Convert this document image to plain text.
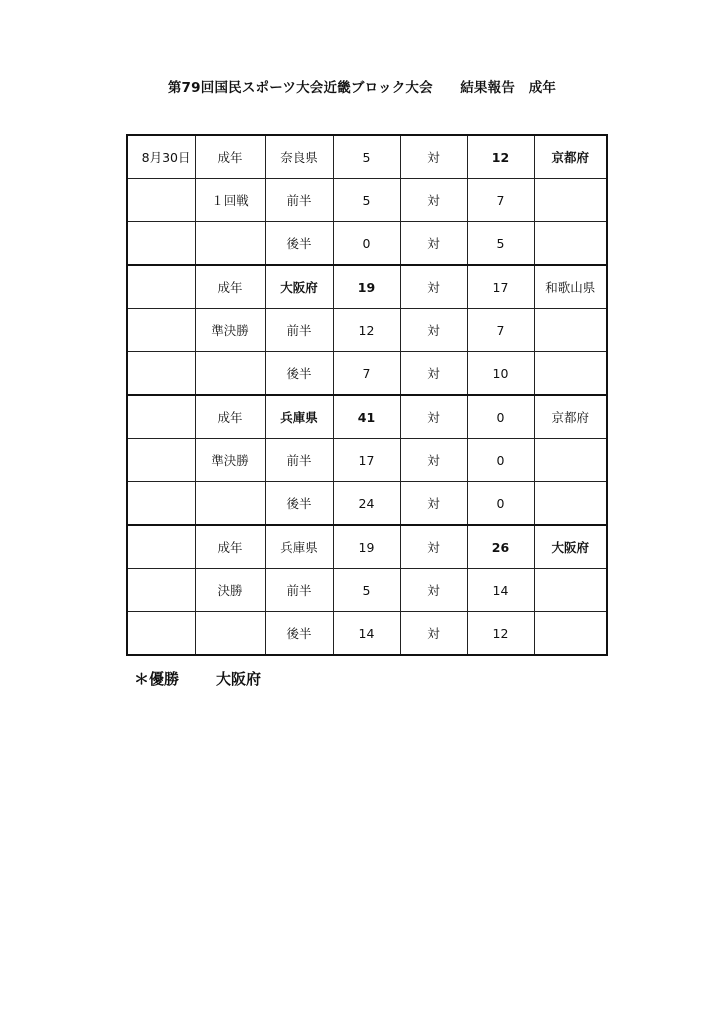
第79回国民スポーツ大会近畿ブロック大会　　結果報告　成年
8月30日	成年	奈良県	5	対	12	京都府
	１回戦	前半	5	対	7	
		後半	0	対	5	
	成年	大阪府	19	対	17	和歌山県
	準決勝	前半	12	対	7	
		後半	7	対	10	
	成年	兵庫県	41	対	0	京都府
	準決勝	前半	17	対	0	
		後半	24	対	0	
	成年	兵庫県	19	対	26	大阪府
	決勝	前半	5	対	14	
		後半	14	対	12	
＊優勝 大阪府
